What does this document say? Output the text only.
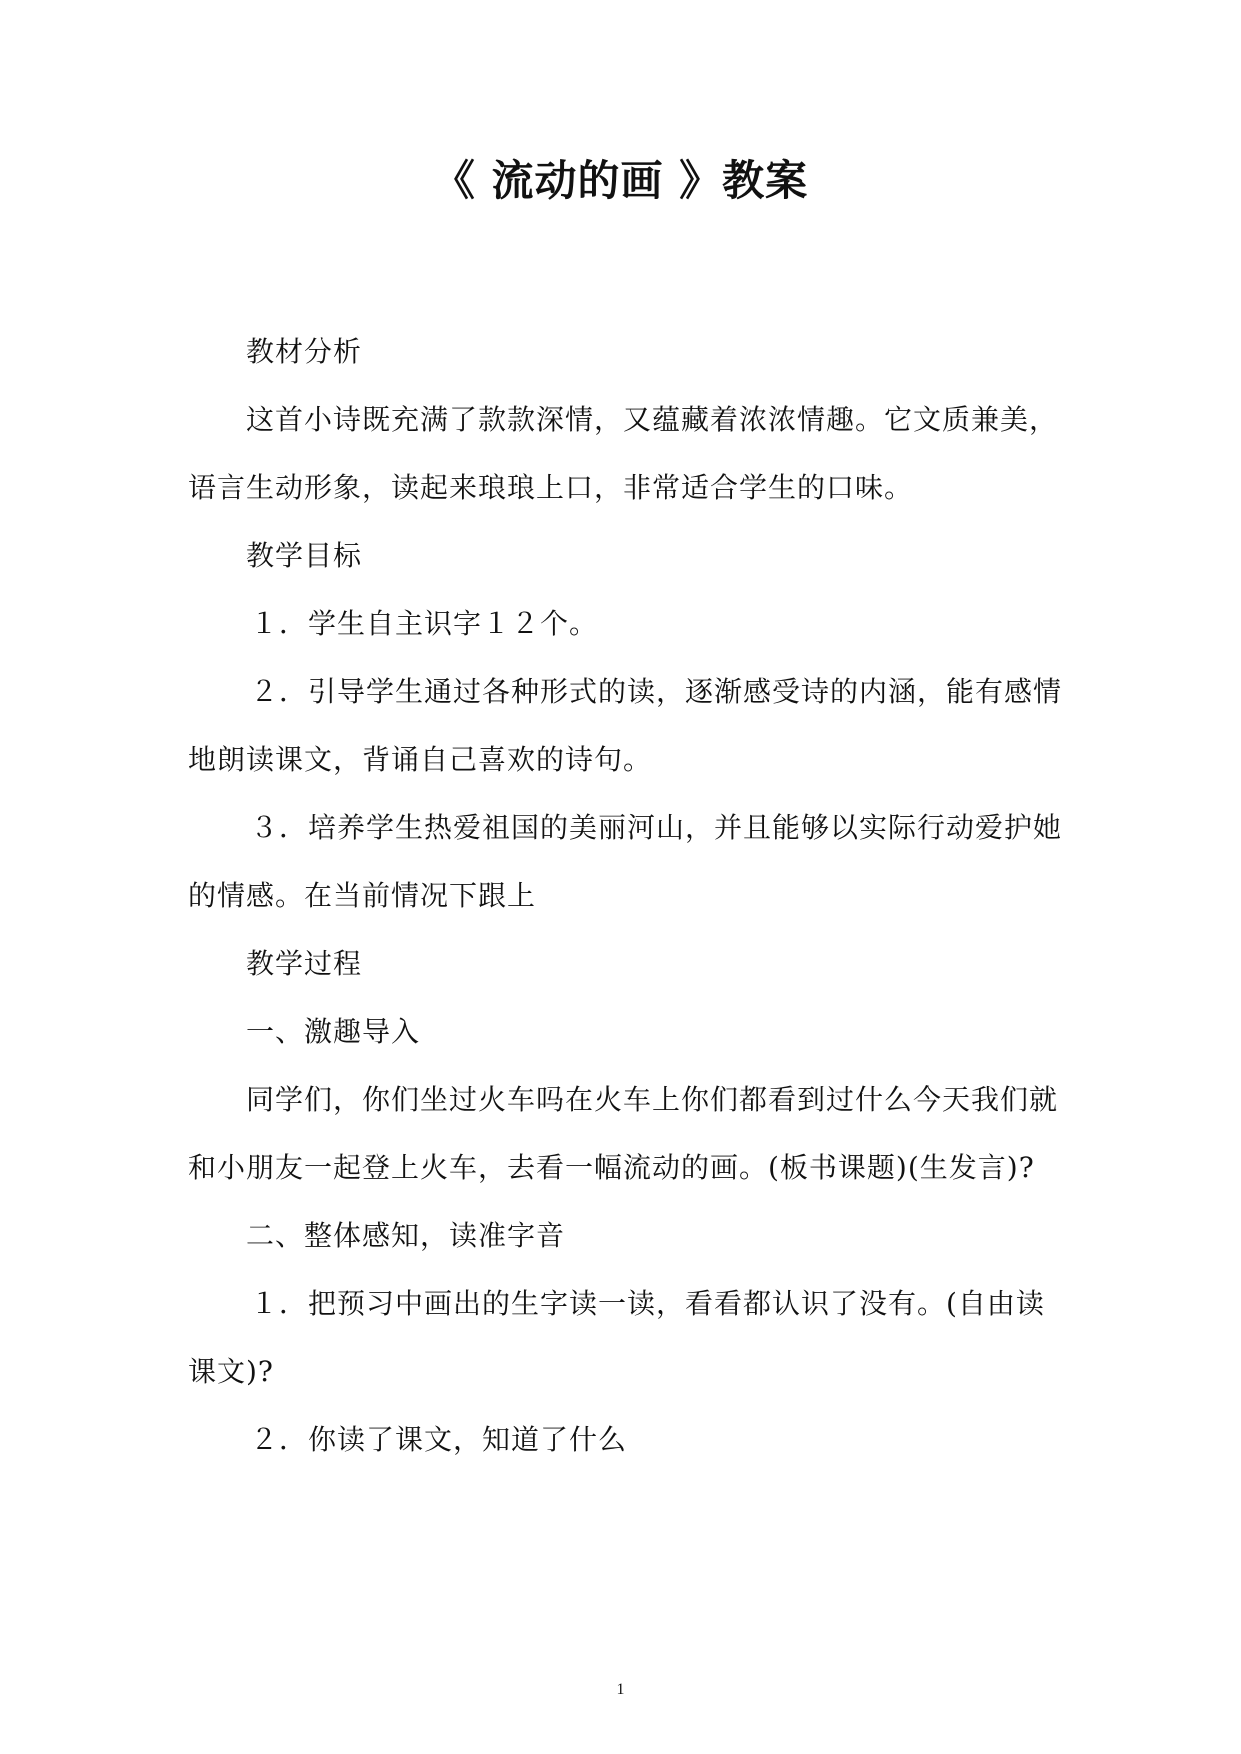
《 流动的画 》教案
教材分析
这首小诗既充满了款款深情，又蕴藏着浓浓情趣。它文质兼美，
语言生动形象，读起来琅琅上口，非常适合学生的口味。
教学目标
１．学生自主识字１２个。
２．引导学生通过各种形式的读，逐渐感受诗的内涵，能有感情
地朗读课文，背诵自己喜欢的诗句。
３．培养学生热爱祖国的美丽河山，并且能够以实际行动爱护她
的情感。在当前情况下跟上
教学过程
一、激趣导入
同学们，你们坐过火车吗在火车上你们都看到过什么今天我们就
和小朋友一起登上火车，去看一幅流动的画。(板书课题)(生发言)?
二、整体感知，读准字音
１．把预习中画出的生字读一读，看看都认识了没有。(自由读
课文)?
２．你读了课文，知道了什么
1
